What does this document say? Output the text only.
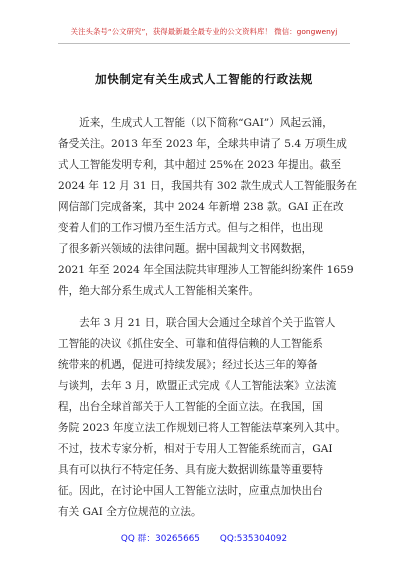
关注头条号“公文研究”，获得最新最全最专业的公文资料库！ 微信：gongwenyj
加快制定有关生成式人工智能的行政法规
　　近来，生成式人工智能（以下简称“GAI”）风起云涌，
备受关注。2013 年至 2023 年，全球共申请了 5.4 万项生成
式人工智能发明专利，其中超过 25%在 2023 年提出。截至
2024 年 12 月 31 日，我国共有 302 款生成式人工智能服务在
网信部门完成备案，其中 2024 年新增 238 款。GAI 正在改
变着人们的工作习惯乃至生活方式。但与之相伴，也出现
了很多新兴领域的法律问题。据中国裁判文书网数据，
2021 年至 2024 年全国法院共审理涉人工智能纠纷案件 1659
件，绝大部分系生成式人工智能相关案件。
　　去年 3 月 21 日，联合国大会通过全球首个关于监管人
工智能的决议《抓住安全、可靠和值得信赖的人工智能系
统带来的机遇，促进可持续发展》；经过长达三年的筹备
与谈判，去年 3 月，欧盟正式完成《人工智能法案》立法流
程，出台全球首部关于人工智能的全面立法。在我国，国
务院 2023 年度立法工作规划已将人工智能法草案列入其中。
不过，技术专家分析，相对于专用人工智能系统而言，GAI
具有可以执行不特定任务、具有庞大数据训练量等重要特
征。因此，在讨论中国人工智能立法时，应重点加快出台
有关 GAI 全方位规范的立法。
QQ 群：30265665 QQ:535304092
